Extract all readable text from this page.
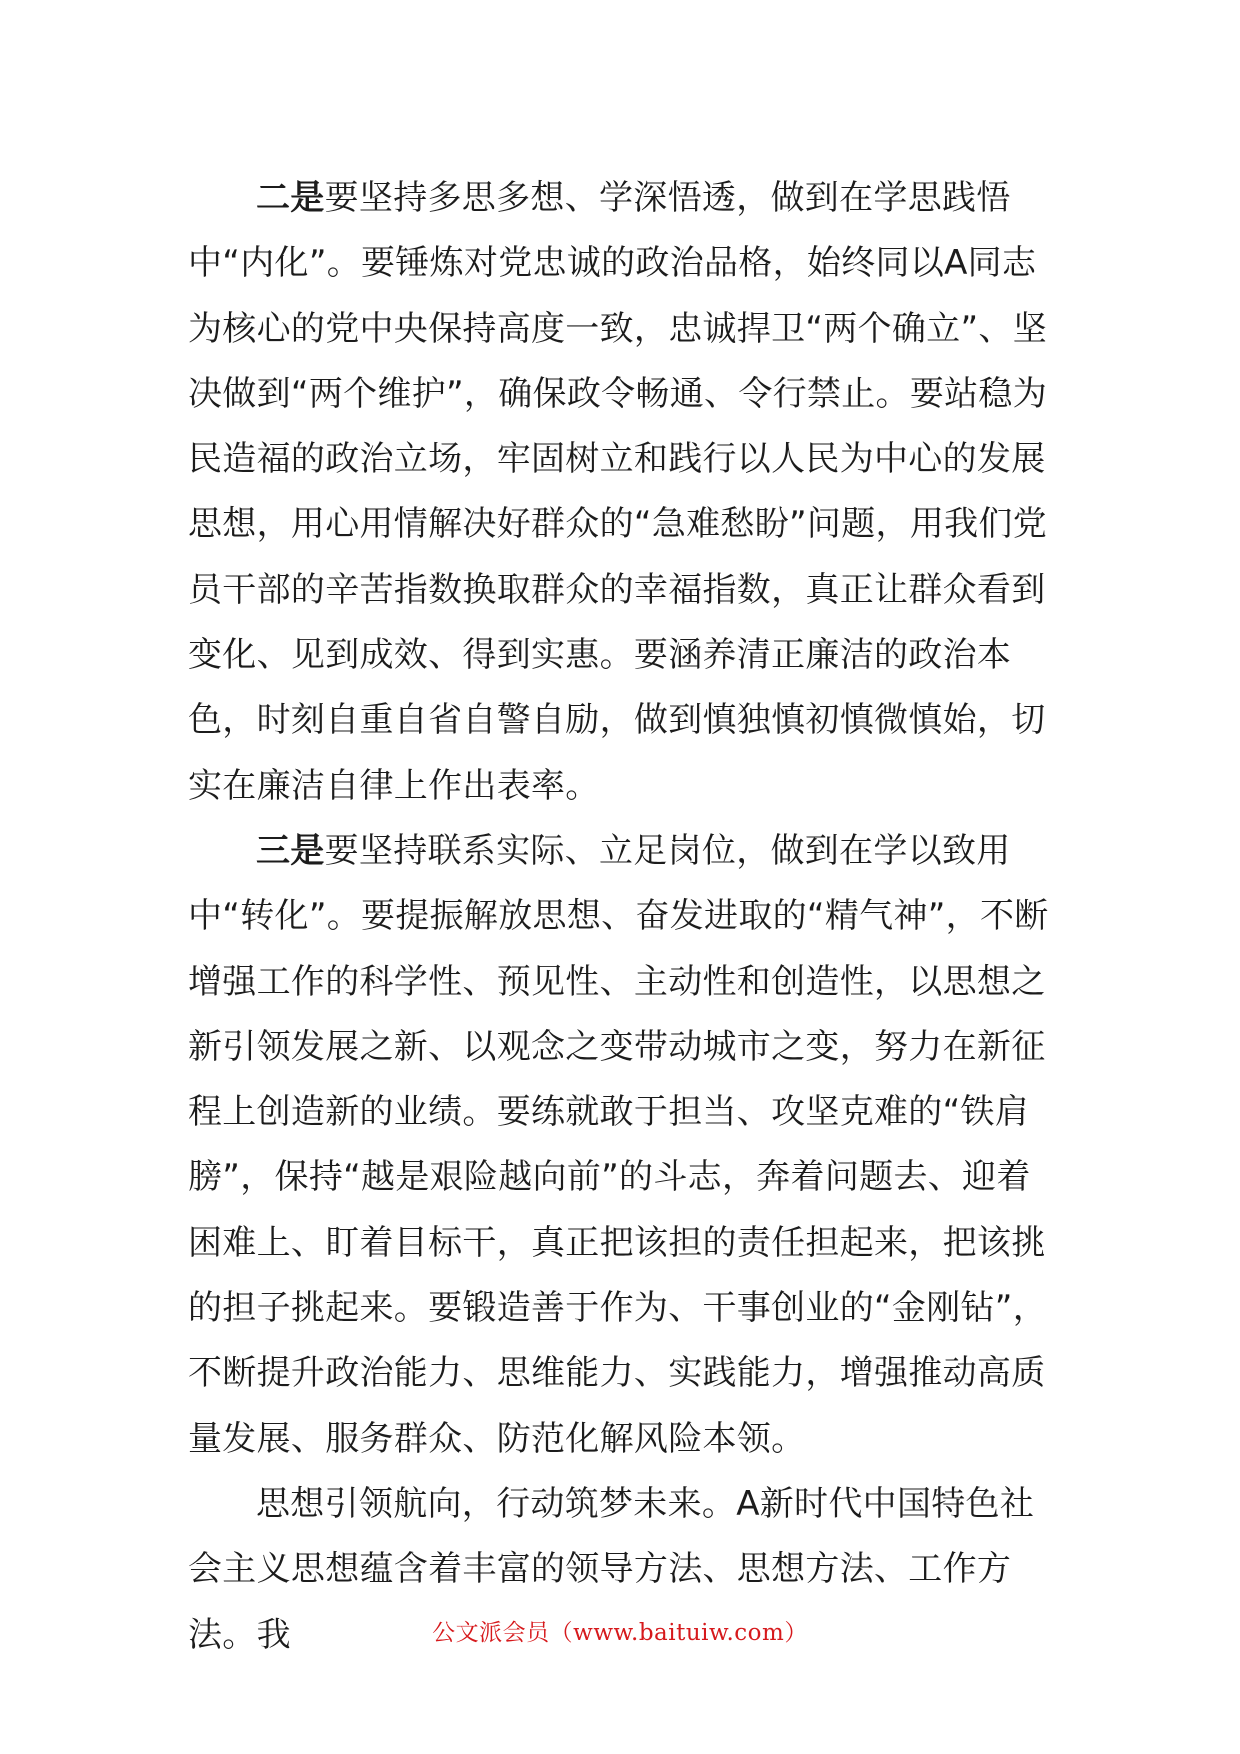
二是要坚持多思多想、学深悟透，做到在学思践悟中“内化”。要锤炼对党忠诚的政治品格，始终同以A同志为核心的党中央保持高度一致，忠诚捍卫“两个确立”、坚决做到“两个维护”，确保政令畅通、令行禁止。要站稳为民造福的政治立场，牢固树立和践行以人民为中心的发展思想，用心用情解决好群众的“急难愁盼”问题，用我们党员干部的辛苦指数换取群众的幸福指数，真正让群众看到变化、见到成效、得到实惠。要涵养清正廉洁的政治本色，时刻自重自省自警自励，做到慎独慎初慎微慎始，切实在廉洁自律上作出表率。

三是要坚持联系实际、立足岗位，做到在学以致用中“转化”。要提振解放思想、奋发进取的“精气神”，不断增强工作的科学性、预见性、主动性和创造性，以思想之新引领发展之新、以观念之变带动城市之变，努力在新征程上创造新的业绩。要练就敢于担当、攻坚克难的“铁肩膀”，保持“越是艰险越向前”的斗志，奔着问题去、迎着困难上、盯着目标干，真正把该担的责任担起来，把该挑的担子挑起来。要锻造善于作为、干事创业的“金刚钻”，不断提升政治能力、思维能力、实践能力，增强推动高质量发展、服务群众、防范化解风险本领。

思想引领航向，行动筑梦未来。A新时代中国特色社会主义思想蕴含着丰富的领导方法、思想方法、工作方法。我	公文派会员（www.baituiw.com）
